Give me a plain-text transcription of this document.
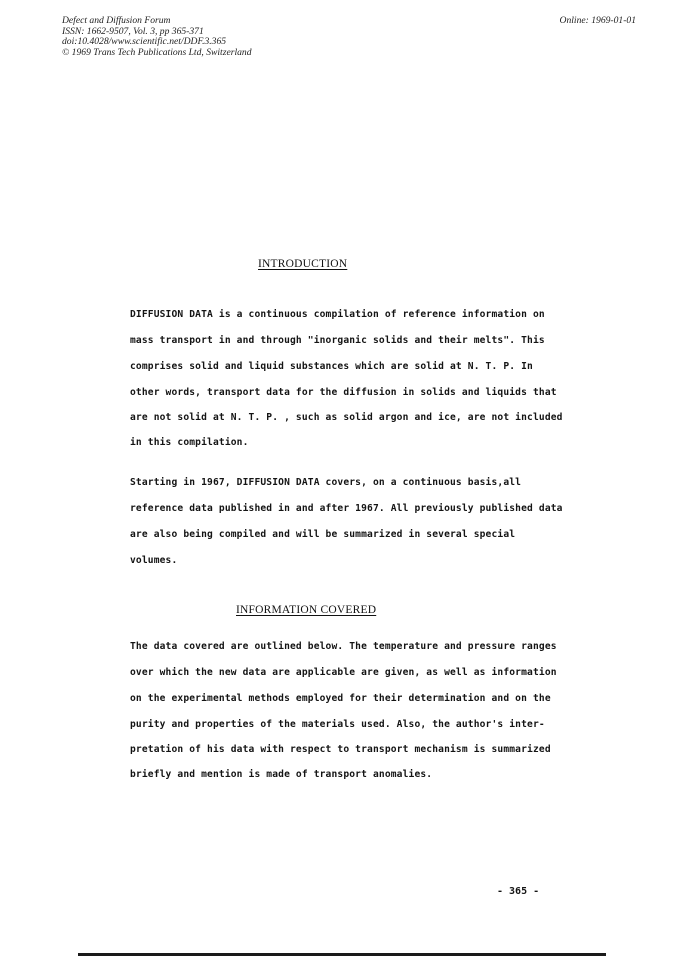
Defect and Diffusion Forum
ISSN: 1662-9507, Vol. 3, pp 365-371
doi:10.4028/www.scientific.net/DDF.3.365
© 1969 Trans Tech Publications Ltd, Switzerland
Online: 1969-01-01
INTRODUCTION
DIFFUSION DATA is a continuous compilation of reference information on
mass transport in and through "inorganic solids and their melts". This
comprises solid and liquid substances which are solid at N. T. P. In
other words, transport data for the diffusion in solids and liquids that
are not solid at N. T. P. , such as solid argon and ice, are not included
in this compilation.
Starting in 1967, DIFFUSION DATA covers, on a continuous basis,all
reference data published in and after 1967. All previously published data
are also being compiled and will be summarized in several special
volumes.
INFORMATION COVERED
The data covered are outlined below. The temperature and pressure ranges
over which the new data are applicable are given, as well as information
on the experimental methods employed for their determination and on the
purity and properties of the materials used. Also, the author's inter-
pretation of his data with respect to transport mechanism is summarized
briefly and mention is made of transport anomalies.
- 365 -
